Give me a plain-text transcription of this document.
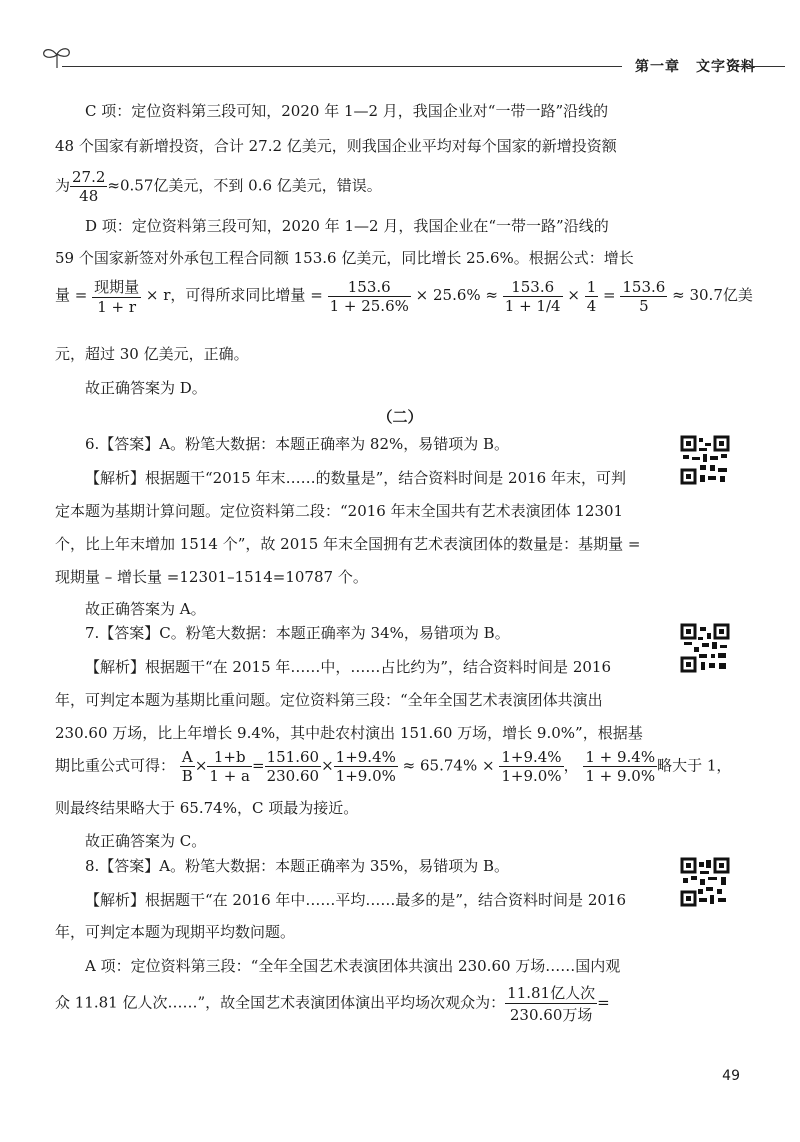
第一章 文字资料
C 项：定位资料第三段可知，2020 年 1—2 月，我国企业对“一带一路”沿线的
48 个国家有新增投资，合计 27.2 亿美元，则我国企业平均对每个国家的新增投资额
为 $\frac{27.2}{48} \approx 0.57$亿美元，不到 0.6 亿美元，错误。
D 项：定位资料第三段可知，2020 年 1—2 月，我国企业在“一带一路”沿线的
59 个国家新签对外承包工程合同额 153.6 亿美元，同比增长 25.6%。根据公式：增长
量 = $\frac{\text{现期量}}{1 + r} \times r$，可得所求同比增量 = $\frac{153.6}{1 + 25.6\%} \times 25.6\% \approx \frac{153.6}{1 + 1/4} \times \frac{1}{4} = \frac{153.6}{5} \approx 30.7$亿美
元，超过 30 亿美元，正确。
故正确答案为 D。
（二）
6.【答案】A。粉笔大数据：本题正确率为 82%，易错项为 B。
【解析】根据题干“2015 年末……的数量是”，结合资料时间是 2016 年末，可判
定本题为基期计算问题。定位资料第二段：“2016 年末全国共有艺术表演团体 12301
个，比上年末增加 1514 个”，故 2015 年末全国拥有艺术表演团体的数量是：基期量 =
现期量 – 增长量 =12301–1514=10787 个。
故正确答案为 A。
7.【答案】C。粉笔大数据：本题正确率为 34%，易错项为 B。
【解析】根据题干“在 2015 年……中，……占比约为”，结合资料时间是 2016
年，可判定本题为基期比重问题。定位资料第三段：“全年全国艺术表演团体共演出
230.60 万场，比上年增长 9.4%，其中赴农村演出 151.60 万场，增长 9.0%”，根据基
期比重公式可得： $\frac{A}{B} \times \frac{1+b}{1 + a} = \frac{151.60}{230.60} \times \frac{1+9.4\%}{1+9.0\%} \approx 65.74\% \times \frac{1+9.4\%}{1+9.0\%}$ ， $\frac{1 + 9.4\%}{1 + 9.0\%}$ 略大于 1，
则最终结果略大于 65.74%，C 项最为接近。
故正确答案为 C。
8.【答案】A。粉笔大数据：本题正确率为 35%，易错项为 B。
【解析】根据题干“在 2016 年中……平均……最多的是”，结合资料时间是 2016
年，可判定本题为现期平均数问题。
A 项：定位资料第三段：“全年全国艺术表演团体共演出 230.60 万场……国内观
众 11.81 亿人次……”，故全国艺术表演团体演出平均场次观众为： $\frac{\text{11.81亿人次}}{\text{230.60万场}}$ =
49
